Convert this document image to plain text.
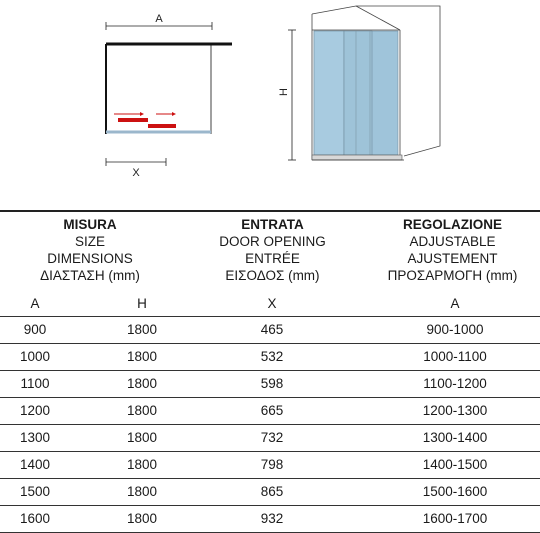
A
X
H
MISURA
SIZE
DIMENSIONS
ΔΙΑΣΤΑΣΗ (mm)
ENTRATA
DOOR OPENING
ENTRÉE
ΕΙΣΟΔΟΣ (mm)
REGOLAZIONE
ADJUSTABLE
AJUSTEMENT
ΠΡΟΣΑΡΜΟΓΗ (mm)
A	H	X	A
900	1800	465	900-1000
1000	1800	532	1000-1100
1100	1800	598	1100-1200
1200	1800	665	1200-1300
1300	1800	732	1300-1400
1400	1800	798	1400-1500
1500	1800	865	1500-1600
1600	1800	932	1600-1700
